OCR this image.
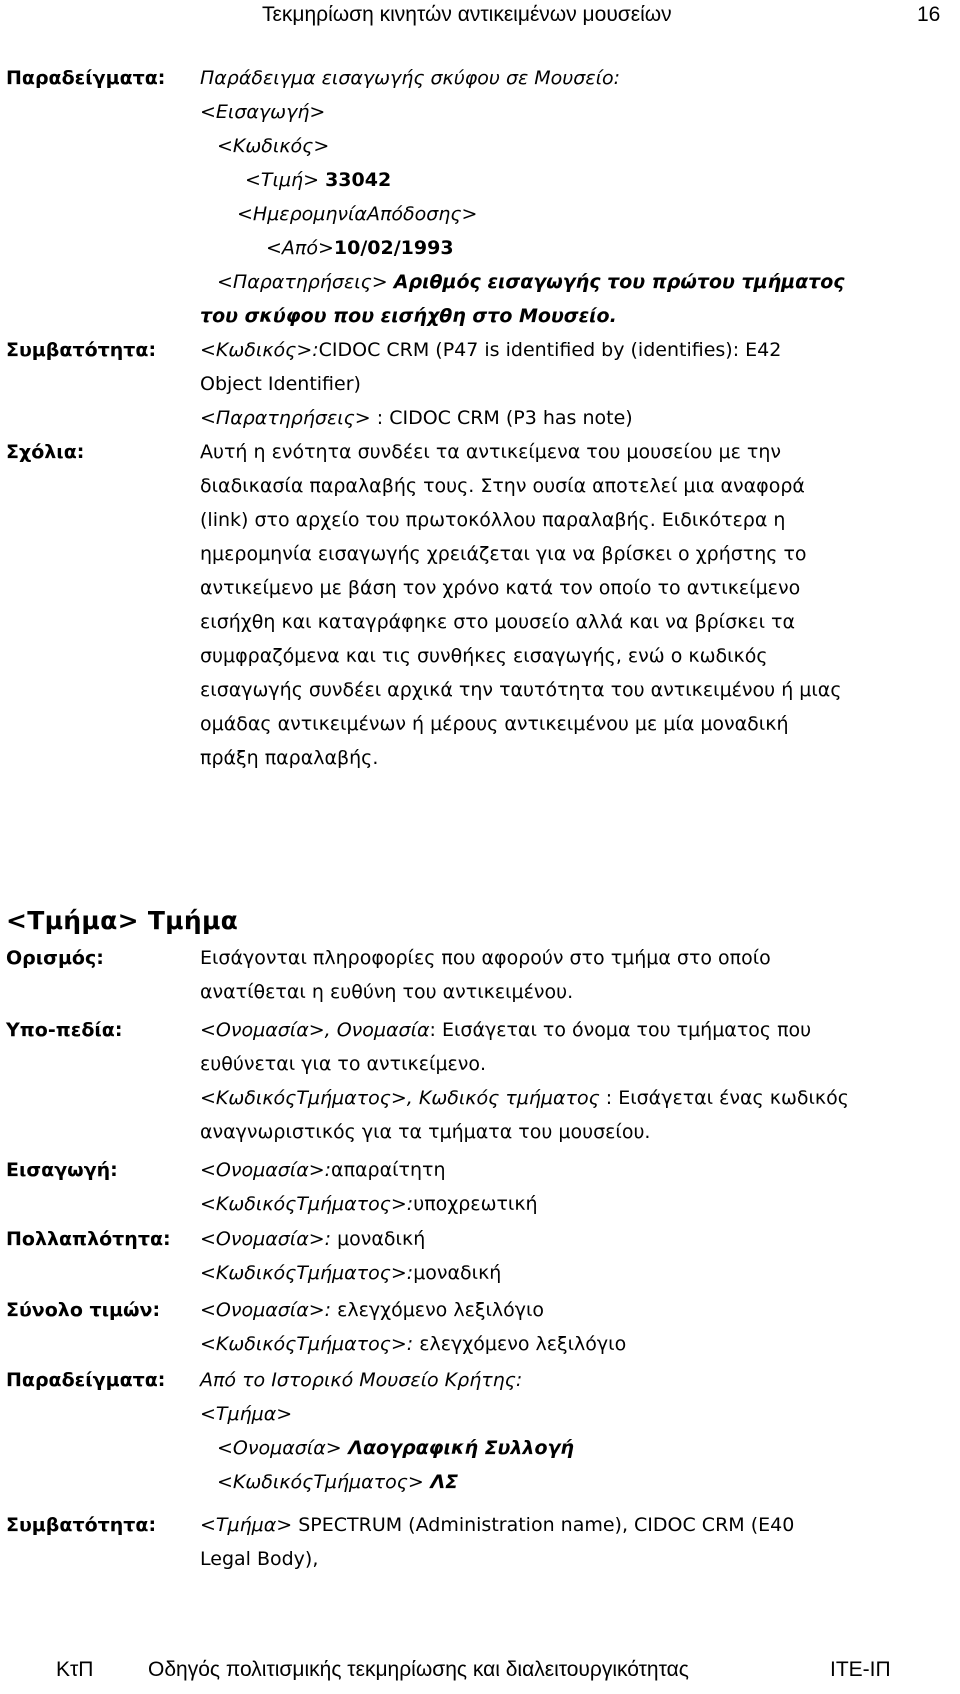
Τεκμηρίωση κινητών αντικειμένων μουσείων	16
Παραδείγματα: Παράδειγμα εισαγωγής σκύφου σε Μουσείο:
<Εισαγωγή>
<Κωδικός>
<Τιμή> 33042
<ΗμερομηνίαΑπόδοσης>
<Από>10/02/1993
<Παρατηρήσεις> Αριθμός εισαγωγής του πρώτου τμήματος
του σκύφου που εισήχθη στο Μουσείο.
Συμβατότητα: <Κωδικός>:CIDOC CRM (P47 is identified by (identifies): E42
Object Identifier)
<Παρατηρήσεις> : CIDOC CRM (P3 has note)
Σχόλια:	Αυτή η ενότητα συνδέει τα αντικείμενα του μουσείου με την
διαδικασία παραλαβής τους. Στην ουσία αποτελεί μια αναφορά
(link) στο αρχείο του πρωτοκόλλου παραλαβής. Ειδικότερα η
ημερομηνία εισαγωγής χρειάζεται για να βρίσκει ο χρήστης το
αντικείμενο με βάση τον χρόνο κατά τον οποίο το αντικείμενο
εισήχθη και καταγράφηκε στο μουσείο αλλά και να βρίσκει τα
συμφραζόμενα και τις συνθήκες εισαγωγής, ενώ ο κωδικός
εισαγωγής συνδέει αρχικά την ταυτότητα του αντικειμένου ή μιας
ομάδας αντικειμένων ή μέρους αντικειμένου με μία μοναδική
πράξη παραλαβής.
<Τμήμα> Τμήμα
Ορισμός:	Εισάγονται πληροφορίες που αφορούν στο τμήμα στο οποίο
ανατίθεται η ευθύνη του αντικειμένου.
Υπο-πεδία:	<Ονομασία>, Ονομασία: Εισάγεται το όνομα του τμήματος που
ευθύνεται για το αντικείμενο.
<ΚωδικόςΤμήματος>, Κωδικός τμήματος : Εισάγεται ένας κωδικός
αναγνωριστικός για τα τμήματα του μουσείου.
Εισαγωγή:	<Ονομασία>:απαραίτητη
<ΚωδικόςΤμήματος>:υποχρεωτική
Πολλαπλότητα: <Ονομασία>: μοναδική
<ΚωδικόςΤμήματος>:μοναδική
Σύνολο τιμών: <Ονομασία>: ελεγχόμενο λεξιλόγιο
<ΚωδικόςΤμήματος>: ελεγχόμενο λεξιλόγιο
Παραδείγματα: Από το Ιστορικό Μουσείο Κρήτης:
<Τμήμα>
<Ονομασία> Λαογραφική Συλλογή
<ΚωδικόςΤμήματος> ΛΣ
Συμβατότητα: <Τμήμα> SPECTRUM (Administration name), CIDOC CRM (E40
Legal Body),
ΚτΠ	Οδηγός πολιτισμικής τεκμηρίωσης και διαλειτουργικότητας	ΙΤΕ-ΙΠ
